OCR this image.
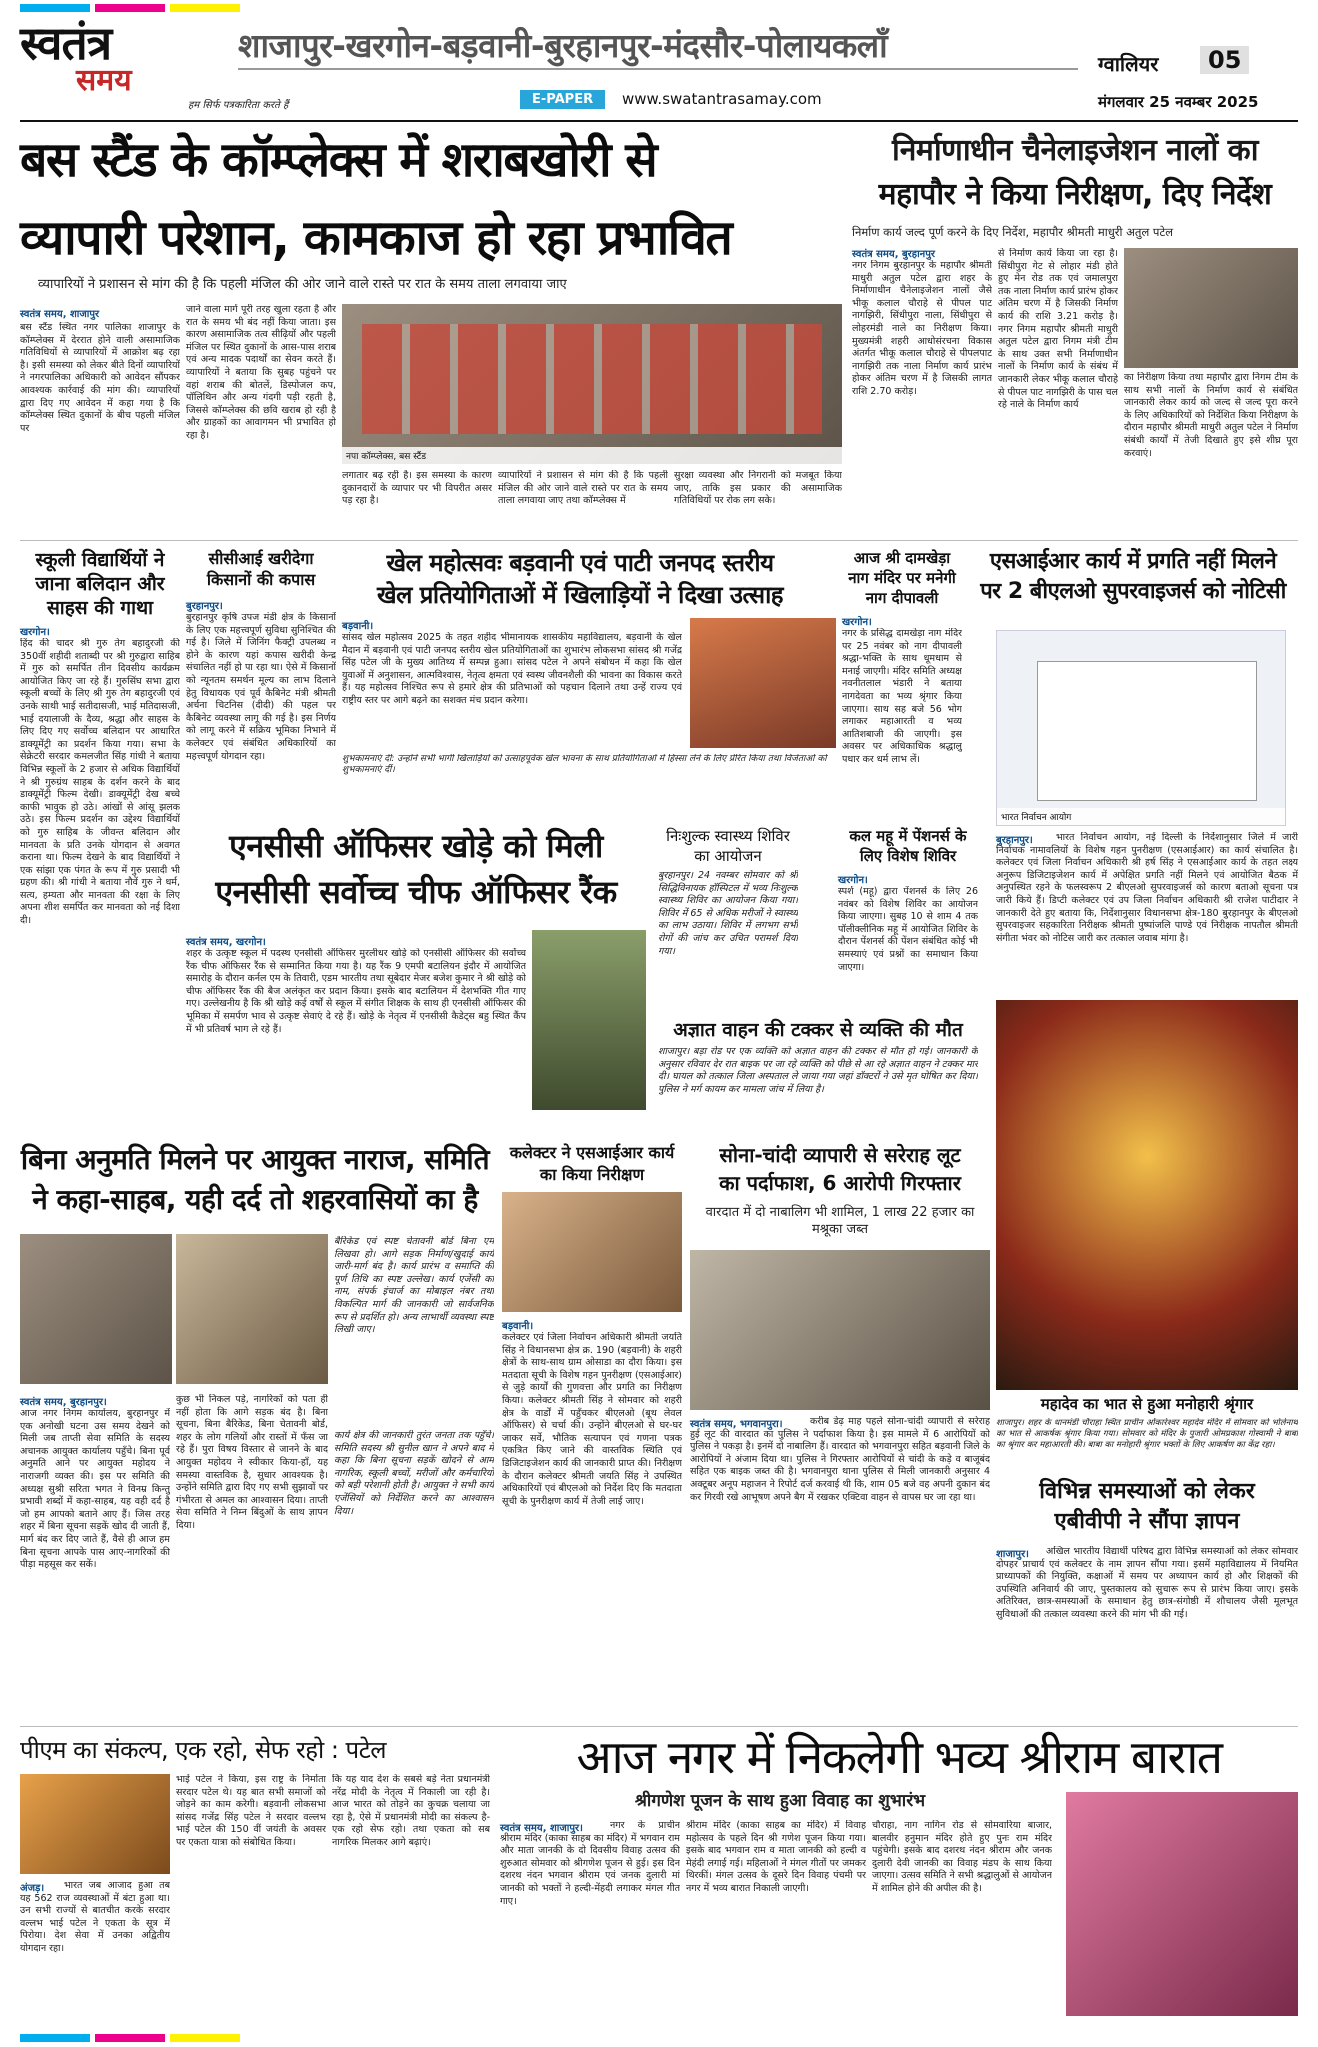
स्वतंत्र
समय
हम सिर्फ पत्रकारिता करते हैं
शाजापुर-खरगोन-बड़वानी-बुरहानपुर-मंदसौर-पोलायकलाँ
E-PAPER	www.swatantrasamay.com
ग्वालियर	05
मंगलवार 25 नवम्बर 2025
बस स्टैंड के कॉम्प्लेक्स में शराबखोरी से
व्यापारी परेशान, कामकाज हो रहा प्रभावित
व्यापारियों ने प्रशासन से मांग की है कि पहली मंजिल की ओर जाने वाले रास्ते पर रात के समय ताला लगवाया जाए
स्वतंत्र समय, शाजापुर
बस स्टैंड स्थित नगर पालिका शाजापुर के कॉम्प्लेक्स में देररात होने वाली असामाजिक गतिविधियों से व्यापारियों में आक्रोश बढ़ रहा है। इसी समस्या को लेकर बीते दिनों व्यापारियों ने नगरपालिका अधिकारी को आवेदन सौंपकर आवश्यक कार्रवाई की मांग की। व्यापारियों द्वारा दिए गए आवेदन में कहा गया है कि कॉम्प्लेक्स स्थित दुकानों के बीच पहली मंजिल पर
जाने वाला मार्ग पूरी तरह खुला रहता है और रात के समय भी बंद नहीं किया जाता। इस कारण असामाजिक तत्व सीढ़ियों और पहली मंजिल पर स्थित दुकानों के आस-पास शराब एवं अन्य मादक पदार्थों का सेवन करते हैं। व्यापारियों ने बताया कि सुबह पहुंचने पर वहां शराब की बोतलें, डिस्पोजल कप, पॉलिथिन और अन्य गंदगी पड़ी रहती है, जिससे कॉम्प्लेक्स की छवि खराब हो रही है और ग्राहकों का आवागमन भी प्रभावित हो रहा है।
नपा कॉम्प्लेक्स, बस स्टैंड
लगातार बढ़ रही है। इस समस्या के कारण दुकानदारों के व्यापार पर भी विपरीत असर पड़ रहा है।
व्यापारियों ने प्रशासन से मांग की है कि पहली मंजिल की ओर जाने वाले रास्ते पर रात के समय ताला लगवाया जाए तथा कॉम्प्लेक्स में
सुरक्षा व्यवस्था और निगरानी को मजबूत किया जाए, ताकि इस प्रकार की असामाजिक गतिविधियों पर रोक लग सके।
निर्माणाधीन चैनेलाइजेशन नालों का
महापौर ने किया निरीक्षण, दिए निर्देश
निर्माण कार्य जल्द पूर्ण करने के दिए निर्देश, महापौर श्रीमती माधुरी अतुल पटेल
स्वतंत्र समय, बुरहानपुर
नगर निगम बुरहानपुर के महापौर श्रीमती माधुरी अतुल पटेल द्वारा शहर के निर्माणाधीन चैनेलाइजेशन नालों जैसे भीकू कलाल चौराहे से पीपल पाट नागझिरी, सिंधीपुरा नाला, सिंधीपुरा से लोहरमंडी नाले का निरीक्षण किया। मुख्यमंत्री शहरी आधोसंरचना विकास अंतर्गत भीकू कलाल चौराहे से पीपलपाट नागझिरी तक नाला निर्माण कार्य प्रारंभ होकर अंतिम चरण में है जिसकी लागत राशि 2.70 करोड़।
से निर्माण कार्य किया जा रहा है। सिंधीपुरा गेट से लोहार मंडी होते हुए मेन रोड तक एवं जमालपुरा तक नाला निर्माण कार्य प्रारंभ होकर अंतिम चरण में है जिसकी निर्माण कार्य की राशि 3.21 करोड़ है। नगर निगम महापौर श्रीमती माधुरी अतुल पटेल द्वारा निगम मंत्री टीम के साथ उक्त सभी निर्माणाधीन नालों के निर्माण कार्य के संबंध में जानकारी लेकर भीकू कलाल चौराहे से पीपल पाट नागझिरी के पास चल रहे नाले के निर्माण कार्य
का निरीक्षण किया तथा महापौर द्वारा निगम टीम के साथ सभी नालों के निर्माण कार्य से संबंधित जानकारी लेकर कार्य को जल्द से जल्द पूरा करने के लिए अधिकारियों को निर्देशित किया निरीक्षण के दौरान महापौर श्रीमती माधुरी अतुल पटेल ने निर्माण संबंधी कार्यों में तेजी दिखाते हुए इसे शीघ्र पूरा करवाएं।
स्कूली विद्यार्थियों ने जाना बलिदान और साहस की गाथा
खरगोन।
हिंद की चादर श्री गुरु तेग बहादुरजी की 350वीं शहीदी शताब्दी पर श्री गुरुद्वारा साहिब में गुरु को समर्पित तीन दिवसीय कार्यक्रम आयोजित किए जा रहे हैं। गुरुसिंघ सभा द्वारा स्कूली बच्चों के लिए श्री गुरु तेग बहादुरजी एवं उनके साथी भाई सतीदासजी, भाई मतिदासजी, भाई दयालाजी के दैव्य, श्रद्धा और साहस के लिए दिए गए सर्वोच्च बलिदान पर आधारित डाक्यूमेंट्री का प्रदर्शन किया गया। सभा के सेक्रेटरी सरदार कमलजीत सिंह गांधी ने बताया विभिन्न स्कूलों के 2 हजार से अधिक विद्यार्थियों ने श्री गुरुग्रंथ साहब के दर्शन करने के बाद डाक्यूमेंट्री फिल्म देखी। डाक्यूमेंट्री देख बच्चे काफी भावुक हो उठे। आंखों से आंसू झलक उठे। इस फिल्म प्रदर्शन का उद्देश्य विद्यार्थियों को गुरु साहिब के जीवन्त बलिदान और मानवता के प्रति उनके योगदान से अवगत कराना था। फिल्म देखने के बाद विद्यार्थियों ने एक सांझा एक पंगत के रूप में गुरु प्रसादी भी ग्रहण की। श्री गांधी ने बताया नौवें गुरु ने धर्म, सत्य, हम्यता और मानवता की रक्षा के लिए अपना शीश समर्पित कर मानवता को नई दिशा दी।
सीसीआई खरीदेगा किसानों की कपास
बुरहानपुर।
बुरहानपुर कृषि उपज मंडी क्षेत्र के किसानों के लिए एक महत्त्वपूर्ण सुविधा सुनिश्चित की गई है। जिले में जिनिंग फैक्ट्री उपलब्ध न होने के कारण यहां कपास खरीदी केन्द्र संचालित नहीं हो पा रहा था। ऐसे में किसानों को न्यूनतम समर्थन मूल्य का लाभ दिलाने हेतु विधायक एवं पूर्व कैबिनेट मंत्री श्रीमती अर्चना चिटनिस (दीदी) की पहल पर कैबिनेट व्यवस्था लागू की गई है। इस निर्णय को लागू करने में सक्रिय भूमिका निभाने में कलेक्टर एवं संबंधित अधिकारियों का महत्त्वपूर्ण योगदान रहा।
खेल महोत्सवः बड़वानी एवं पाटी जनपद स्तरीय
खेल प्रतियोगिताओं में खिलाड़ियों ने दिखा उत्साह
बड़वानी।
सांसद खेल महोत्सव 2025 के तहत शहीद भीमानायक शासकीय महाविद्यालय, बड़वानी के खेल मैदान में बड़वानी एवं पाटी जनपद स्तरीय खेल प्रतियोगिताओं का शुभारंभ लोकसभा सांसद श्री गजेंद्र सिंह पटेल जी के मुख्य आतिथ्य में सम्पन्न हुआ। सांसद पटेल ने अपने संबोधन में कहा कि खेल युवाओं में अनुशासन, आत्मविश्वास, नेतृत्व क्षमता एवं स्वस्थ जीवनशैली की भावना का विकास करते हैं। यह महोत्सव निश्चित रूप से हमारे क्षेत्र की प्रतिभाओं को पहचान दिलाने तथा उन्हें राज्य एवं राष्ट्रीय स्तर पर आगे बढ़ने का सशक्त मंच प्रदान करेगा।
शुभकामनाएं दीं: उन्होंने सभी भागी खिलाड़ियों को उत्साहपूर्वक खेल भावना के साथ प्रतियोगिताओं में हिस्सा लेने के लिए प्रेरित किया तथा विजेताओं को शुभकामनाएं दीं।
आज श्री दामखेड़ा नाग मंदिर पर मनेगी नाग दीपावली
खरगोन।
नगर के प्रसिद्ध दामखेड़ा नाग मंदिर पर 25 नवंबर को नाग दीपावली श्रद्धा-भक्ति के साथ धूमधाम से मनाई जाएगी। मंदिर समिति अध्यक्ष नवनीतलाल भंडारी ने बताया नागदेवता का भव्य श्रृंगार किया जाएगा। साथ सह बजे 56 भोग लगाकर महाआरती व भव्य आतिशबाजी की जाएगी। इस अवसर पर अधिकाधिक श्रद्धालु पधार कर धर्म लाभ लें।
एसआईआर कार्य में प्रगति नहीं मिलने
पर 2 बीएलओ सुपरवाइजर्स को नोटिसी
भारत निर्वाचन आयोग
बुरहानपुर।	भारत निर्वाचन आयोग, नई दिल्ली के निर्देशानुसार जिले में जारी निर्वाचक नामावलियों के विशेष गहन पुनरीक्षण (एसआईआर) का कार्य संचालित है। कलेक्टर एवं जिला निर्वाचन अधिकारी श्री हर्ष सिंह ने एसआईआर कार्य के तहत लक्ष्य अनुरूप डिजिटाइजेशन कार्य में अपेक्षित प्रगति नहीं मिलने एवं आयोजित बैठक में अनुपस्थित रहने के फलस्वरूप 2 बीएलओ सुपरवाइजर्स को कारण बताओ सूचना पत्र जारी किये हैं। डिप्टी कलेक्टर एवं उप जिला निर्वाचन अधिकारी श्री राजेश पाटीदार ने जानकारी देते हुए बताया कि, निर्देशानुसार विधानसभा क्षेत्र-180 बुरहानपुर के बीएलओ सुपरवाइजर सहकारिता निरीक्षक श्रीमती पुष्पांजलि पाण्डे एवं निरीक्षक नापतौल श्रीमती संगीता भंवर को नोटिस जारी कर तत्काल जवाब मांगा है।
एनसीसी ऑफिसर खोड़े को मिली
एनसीसी सर्वोच्च चीफ ऑफिसर रैंक
स्वतंत्र समय, खरगोन।
शहर के उत्कृष्ट स्कूल में पदस्थ एनसीसी ऑफिसर मुरलीधर खोड़े को एनसीसी ऑफिसर की सर्वोच्च रैंक चीफ ऑफिसर रैंक से सम्मानित किया गया है। यह रैंक 9 एमपी बटालियन इंदौर में आयोजित समारोह के दौरान कर्नल एम के तिवारी, एडम भारतीय तथा सूबेदार मेजर बजेश कुमार ने श्री खोड़े को चीफ ऑफिसर रैंक की बैज अलंकृत कर प्रदान किया। इसके बाद बटालियन में देशभक्ति गीत गाए गए। उल्लेखनीय है कि श्री खोड़े कई वर्षों से स्कूल में संगीत शिक्षक के साथ ही एनसीसी ऑफिसर की भूमिका में समर्पण भाव से उत्कृष्ट सेवाएं दे रहे हैं। खोड़े के नेतृत्व में एनसीसी कैडेट्स बहु स्थित कैंप में भी प्रतिवर्ष भाग ले रहे हैं।
निःशुल्क स्वास्थ्य शिविर का आयोजन
बुरहानपुर। 24 नवम्बर सोमवार को श्री सिद्धिविनायक हॉस्पिटल में भव्य निःशुल्क स्वास्थ्य शिविर का आयोजन किया गया। शिविर में 65 से अधिक मरीजों ने स्वास्थ्य का लाभ उठाया। शिविर में लगभग सभी रोगों की जांच कर उचित परामर्श दिया गया।
कल महू में पेंशनर्स के लिए विशेष शिविर
खरगोन।
स्पर्श (महू) द्वारा पेंशनर्स के लिए 26 नवंबर को विशेष शिविर का आयोजन किया जाएगा। सुबह 10 से शाम 4 तक पॉलीक्लीनिक महू में आयोजित शिविर के दौरान पेंशनर्स की पेंशन संबंधित कोई भी समस्याएं एवं प्रश्नों का समाधान किया जाएगा।
अज्ञात वाहन की टक्कर से व्यक्ति की मौत
शाजापुर। बड़ा रोड पर एक व्यक्ति को अज्ञात वाहन की टक्कर से मौत हो गई। जानकारी के अनुसार रविवार देर रात बाइक पर जा रहे व्यक्ति को पीछे से आ रहे अज्ञात वाहन ने टक्कर मार दी। घायल को तत्काल जिला अस्पताल ले जाया गया जहां डॉक्टरों ने उसे मृत घोषित कर दिया। पुलिस ने मर्ग कायम कर मामला जांच में लिया है।
बिना अनुमति मिलने पर आयुक्त नाराज, समिति
ने कहा-साहब, यही दर्द तो शहरवासियों का है
बैरिकेड एवं स्पष्ट चेतावनी बोर्ड बिना एम लिखवा हो। आगे सड़क निर्माण/खुदाई कार्य जारी-मार्ग बंद है। कार्य प्रारंभ व समाप्ति की पूर्ण तिथि का स्पष्ट उल्लेख। कार्य एजेंसी का नाम, संपर्क इंचार्ज का मोबाइल नंबर तथा विकल्पित मार्ग की जानकारी जो सार्वजनिक रूप से प्रदर्शित हो। अन्य लाभार्थी व्यवस्था स्पष्ट लिखी जाए।
स्वतंत्र समय, बुरहानपुर।
आज नगर निगम कार्यालय, बुरहानपुर में एक अनोखी घटना उस समय देखने को मिली जब ताप्ती सेवा समिति के सदस्य अचानक आयुक्त कार्यालय पहुँचे। बिना पूर्व अनुमति आने पर आयुक्त महोदय ने नाराजगी व्यक्त की। इस पर समिति की अध्यक्ष सुश्री सरिता भगत ने विनम्र किन्तु प्रभावी शब्दों में कहा-साहब, यह वही दर्द है जो हम आपको बताने आए हैं। जिस तरह शहर में बिना सूचना सड़कें खोद दी जाती हैं, मार्ग बंद कर दिए जाते हैं, वैसे ही आज हम बिना सूचना आपके पास आए-नागरिकों की पीड़ा महसूस कर सकें।
कुछ भी निकल पड़े, नागरिकों को पता ही नहीं होता कि आगे सड़क बंद है। बिना सूचना, बिना बैरिकेड, बिना चेतावनी बोर्ड, शहर के लोग गलियों और रास्तों में फँस जा रहे हैं। पुरा विषय विस्तार से जानने के बाद आयुक्त महोदय ने स्वीकार किया-हाँ, यह समस्या वास्तविक है, सुधार आवश्यक है। उन्होंने समिति द्वारा दिए गए सभी सुझावों पर गंभीरता से अमल का आश्वासन दिया। ताप्ती सेवा समिति ने निम्न बिंदुओं के साथ ज्ञापन दिया।
कार्य क्षेत्र की जानकारी तुरंत जनता तक पहुँचे। समिति सदस्य श्री सुनील खान ने अपने बाद में कहा कि बिना सूचना सड़कें खोदने से आम नागरिक, स्कूली बच्चों, मरीजों और कर्मचारियों को बड़ी परेशानी होती है। आयुक्त ने सभी कार्य एजेंसियों को निर्देशित करने का आश्वासन दिया।
कलेक्टर ने एसआईआर कार्य का किया निरीक्षण
बड़वानी।
कलेक्टर एवं जिला निर्वाचन अधिकारी श्रीमती जयति सिंह ने विधानसभा क्षेत्र क्र. 190 (बड़वानी) के शहरी क्षेत्रों के साथ-साथ ग्राम ओसाडा का दौरा किया। इस मतदाता सूची के विशेष गहन पुनरीक्षण (एसआईआर) से जुड़े कार्यों की गुणवत्ता और प्रगति का निरीक्षण किया। कलेक्टर श्रीमती सिंह ने सोमवार को शहरी क्षेत्र के वार्डों में पहुँचकर बीएलओ (बूथ लेवल ऑफिसर) से चर्चा की। उन्होंने बीएलओ से घर-घर जाकर सर्वे, भौतिक सत्यापन एवं गणना पत्रक एकत्रित किए जाने की वास्तविक स्थिति एवं डिजिटाइजेशन कार्य की जानकारी प्राप्त की। निरीक्षण के दौरान कलेक्टर श्रीमती जयति सिंह ने उपस्थित अधिकारियों एवं बीएलओ को निर्देश दिए कि मतदाता सूची के पुनरीक्षण कार्य में तेजी लाई जाए।
सोना-चांदी व्यापारी से सरेराह लूट
का पर्दाफाश, 6 आरोपी गिरफ्तार
वारदात में दो नाबालिग भी शामिल, 1 लाख 22 हजार का मश्रूका जब्त
स्वतंत्र समय, भगवानपुरा।	करीब डेढ़ माह पहले सोना-चांदी व्यापारी से सरेराह हुई लूट की वारदात का पुलिस ने पर्दाफाश किया है। इस मामले में 6 आरोपियों को पुलिस ने पकड़ा है। इनमें दो नाबालिग हैं। वारदात को भगवानपुरा सहित बड़वानी जिले के आरोपियों ने अंजाम दिया था। पुलिस ने गिरफ्तार आरोपियों से चांदी के कड़े व बाजूबंद सहित एक बाइक जब्त की है। भगवानपुरा थाना पुलिस से मिली जानकारी अनुसार 4 अक्टूबर अनूप महाजन ने रिपोर्ट दर्ज करवाई थी कि, शाम 05 बजे वह अपनी दुकान बंद कर गिरवी रखे आभूषण अपने बैग में रखकर एक्टिवा वाहन से वापस घर जा रहा था।
महादेव का भात से हुआ मनोहारी श्रृंगार
शाजापुर। शहर के धानमंडी चौराहा स्थित प्राचीन ओंकारेश्वर महादेव मंदिर में सोमवार को भोलेनाथ का भात से आकर्षक श्रृंगार किया गया। सोमवार को मंदिर के पुजारी ओमप्रकाश गोस्वामी ने बाबा का श्रृंगार कर महाआरती की। बाबा का मनोहारी श्रृंगार भक्तों के लिए आकर्षण का केंद्र रहा।
विभिन्न समस्याओं को लेकर
एबीवीपी ने सौंपा ज्ञापन
शाजापुर।	अखिल भारतीय विद्यार्थी परिषद द्वारा विभिन्न समस्याओं को लेकर सोमवार दोपहर प्राचार्य एवं कलेक्टर के नाम ज्ञापन सौंपा गया। इसमें महाविद्यालय में नियमित प्राध्यापकों की नियुक्ति, कक्षाओं में समय पर अध्यापन कार्य हो और शिक्षकों की उपस्थिति अनिवार्य की जाए, पुस्तकालय को सुचारू रूप से प्रारंभ किया जाए। इसके अतिरिक्त, छात्र-समस्याओं के समाधान हेतु छात्र-संगोष्ठी में शौचालय जैसी मूलभूत सुविधाओं की तत्काल व्यवस्था करने की मांग भी की गई।
पीएम का संकल्प, एक रहो, सेफ रहो : पटेल
अंजड़।	भारत जब आजाद हुआ तब यह 562 राज व्यवस्थाओं में बंटा हुआ था। उन सभी राज्यों से बातचीत करके सरदार वल्लभ भाई पटेल ने एकता के सूत्र में पिरोया। देश सेवा में उनका अद्वितीय योगदान रहा।
भाई पटेल ने किया, इस राष्ट्र के निर्माता सरदार पटेल थे। यह बात सभी समाजों को जोड़ने का काम करेगी। बड़वानी लोकसभा सांसद गजेंद्र सिंह पटेल ने सरदार वल्लभ भाई पटेल की 150 वीं जयंती के अवसर पर एकता यात्रा को संबोधित किया।
कि यह याद देश के सबसे बड़े नेता प्रधानमंत्री नरेंद्र मोदी के नेतृत्व में निकाली जा रही है। आज भारत को तोड़ने का कुचक्र चलाया जा रहा है, ऐसे में प्रधानमंत्री मोदी का संकल्प है-एक रहो सेफ रहो। तथा एकता को सब नागरिक मिलकर आगे बढ़ाएं।
आज नगर में निकलेगी भव्य श्रीराम बारात
श्रीगणेश पूजन के साथ हुआ विवाह का शुभारंभ
स्वतंत्र समय, शाजापुर।	नगर के प्राचीन श्रीराम मंदिर (काका साहब का मंदिर) में भगवान राम और माता जानकी के दो दिवसीय विवाह उत्सव की शुरुआत सोमवार को श्रीगणेश पूजन से हुई। इस दिन दशरथ नंदन भगवान श्रीराम एवं जनक दुलारी मां जानकी को भक्तों ने हल्दी-मेंहदी लगाकर मंगल गीत गाए।
श्रीराम मंदिर (काका साहब का मंदिर) में विवाह महोत्सव के पहले दिन श्री गणेश पूजन किया गया। इसके बाद भगवान राम व माता जानकी को हल्दी व मेहंदी लगाई गई। महिलाओं ने मंगल गीतों पर जमकर थिरकीं। मंगल उत्सव के दूसरे दिन विवाह पंचमी पर नगर में भव्य बारात निकाली जाएगी।
चौराहा, नाग नागिन रोड से सोमवारिया बाजार, बालवीर हनुमान मंदिर होते हुए पुनः राम मंदिर पहुंचेगी। इसके बाद दशरथ नंदन श्रीराम और जनक दुलारी देवी जानकी का विवाह मंडप के साथ किया जाएगा। उत्सव समिति ने सभी श्रद्धालुओं से आयोजन में शामिल होने की अपील की है।
